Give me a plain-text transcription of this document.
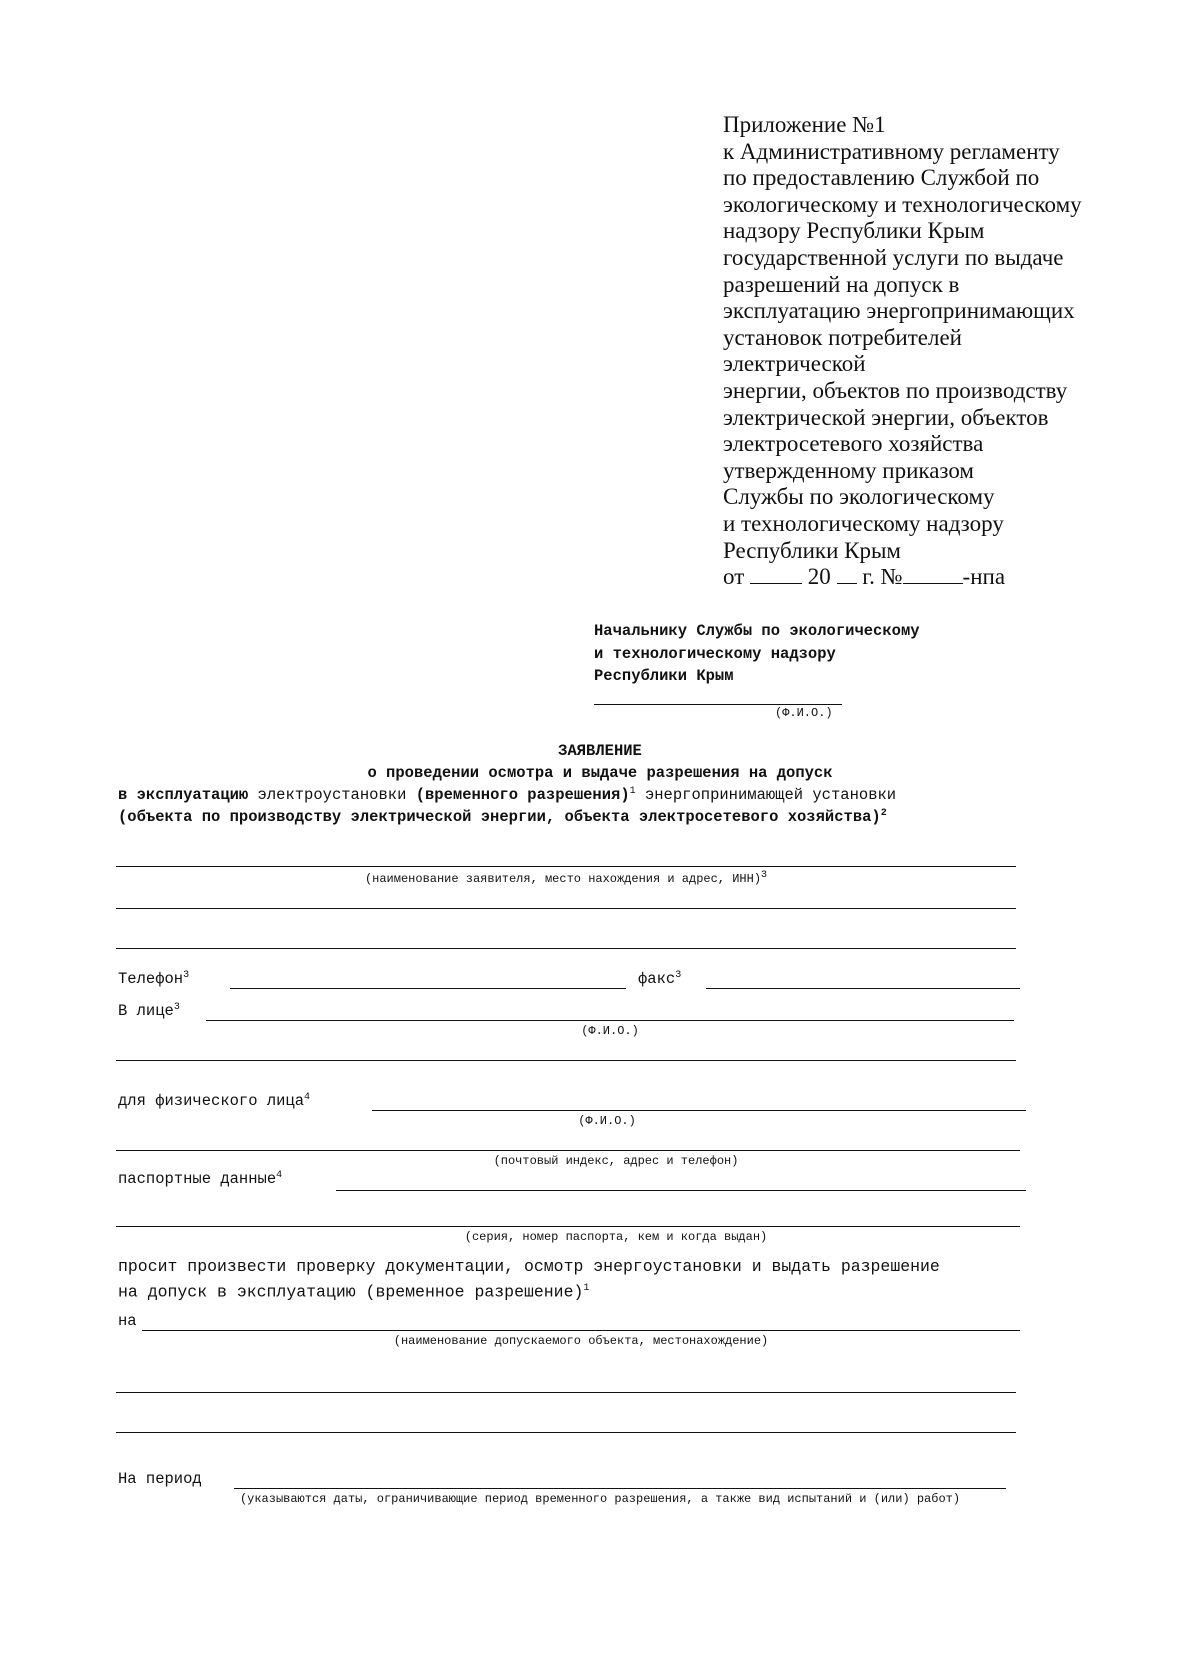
Приложение №1
к Административному регламенту
по предоставлению Службой по
экологическому и технологическому
надзору Республики Крым
государственной услуги по выдаче
разрешений на допуск в
эксплуатацию энергопринимающих
установок потребителей
электрической
энергии, объектов по производству
электрической энергии, объектов
электросетевого хозяйства
утвержденному приказом
Службы по экологическому
и технологическому надзору
Республики Крым
от	20 г. №	-нпа
Начальнику Службы по экологическому
и технологическому надзору
Республики Крым
(Ф.И.О.)
ЗАЯВЛЕНИЕ
о проведении осмотра и выдаче разрешения на допуск
в эксплуатацию электроустановки (временного разрешения)$^1$ энергопринимающей установки
(объекта по производству электрической энергии, объекта электросетевого хозяйства)$^2$
(наименование заявителя, место нахождения и адрес, ИНН)$^3$
Телефон$^3$	факс$^3$
В лице$^3$
(Ф.И.О.)
для физического лица$^4$
(Ф.И.О.)
(почтовый индекс, адрес и телефон)
паспортные данные$^4$
(серия, номер паспорта, кем и когда выдан)
просит произвести проверку документации, осмотр энергоустановки и выдать разрешение
на допуск в эксплуатацию (временное разрешение)$^1$
на
(наименование допускаемого объекта, местонахождение)
На период
(указываются даты, ограничивающие период временного разрешения, а также вид испытаний и (или) работ)
